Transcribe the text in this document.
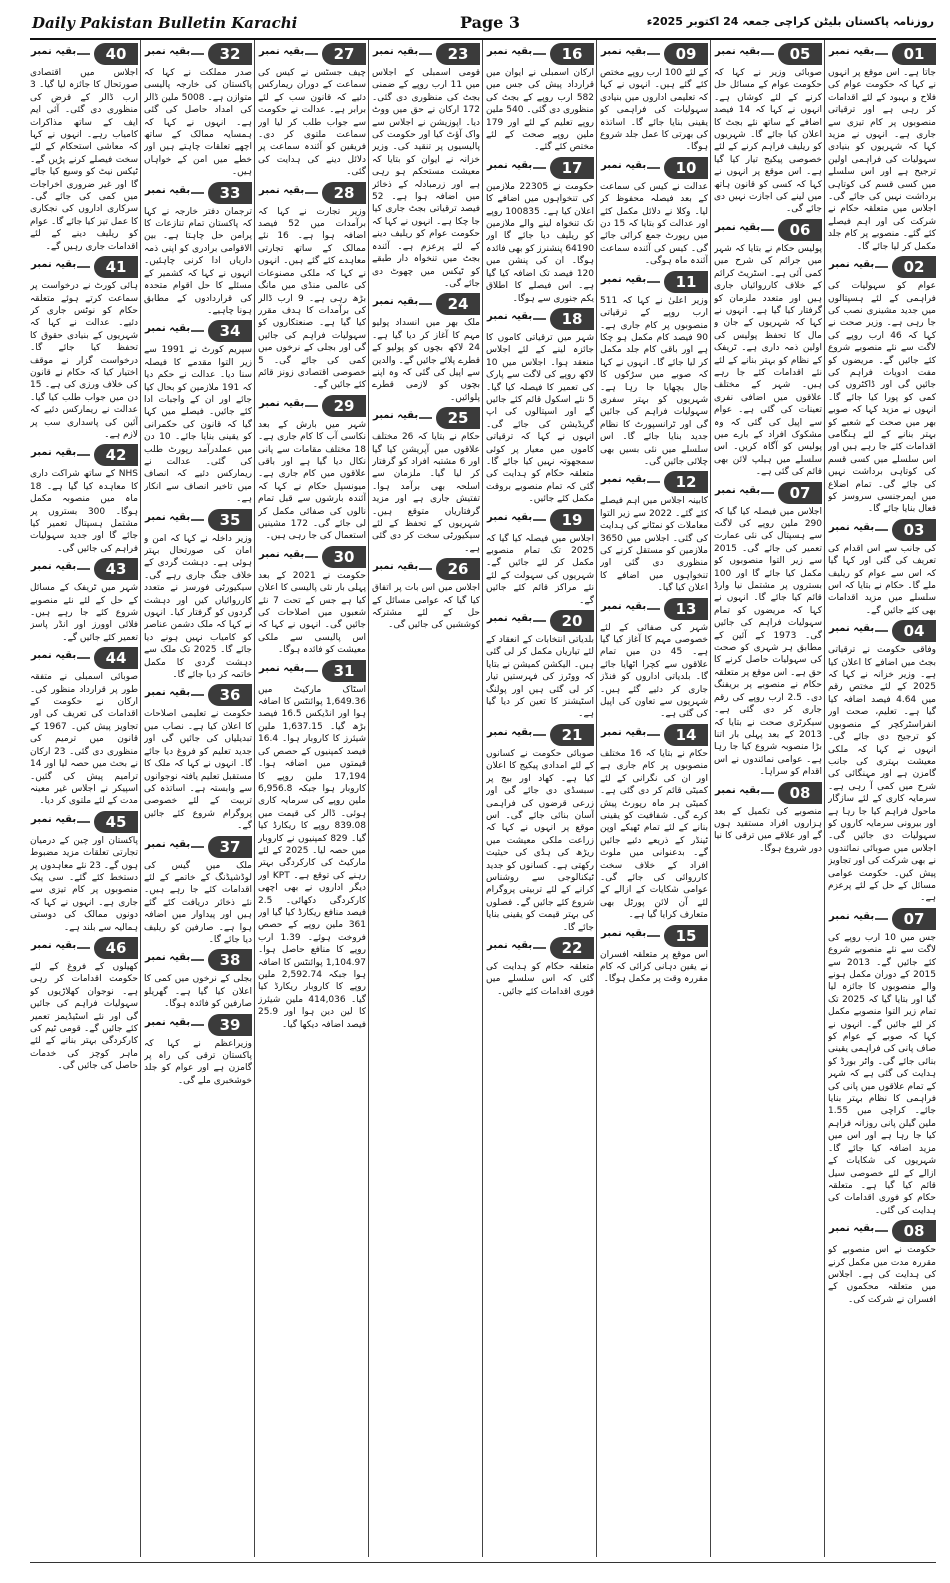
Daily Pakistan Bulletin Karachi	Page 3	روزنامہ پاکستان بلیٹن کراچی جمعہ 24 اکتوبر 2025ء
01
بقیہ نمبر

جاتا ہے۔ اس موقع پر انہوں نے کہا کہ حکومت عوام کی فلاح و بہبود کے لئے اقدامات کر رہی ہے اور ترقیاتی منصوبوں پر کام تیزی سے جاری ہے۔ انہوں نے مزید کہا کہ شہریوں کو بنیادی سہولیات کی فراہمی اولین ترجیح ہے اور اس سلسلے میں کسی قسم کی کوتاہی برداشت نہیں کی جائے گی۔ اجلاس میں متعلقہ حکام نے شرکت کی اور اہم فیصلے کئے گئے۔ منصوبے پر کام جلد مکمل کر لیا جائے گا۔

02
بقیہ نمبر

عوام کو سہولیات کی فراہمی کے لئے ہسپتالوں میں جدید مشینری نصب کی جا رہی ہے۔ وزیر صحت نے کہا کہ 46 ارب روپے کی لاگت سے نئے منصوبے شروع کئے جائیں گے۔ مریضوں کو مفت ادویات فراہم کی جائیں گی اور ڈاکٹروں کی کمی کو پورا کیا جائے گا۔ انہوں نے مزید کہا کہ صوبے بھر میں صحت کے شعبے کو بہتر بنانے کے لئے ہنگامی اقدامات کئے جا رہے ہیں اور اس سلسلے میں کسی قسم کی کوتاہی برداشت نہیں کی جائے گی۔ تمام اضلاع میں ایمرجنسی سروسز کو فعال بنایا جائے گا۔

03
بقیہ نمبر

کی جانب سے اس اقدام کی تعریف کی گئی اور کہا گیا کہ اس سے عوام کو ریلیف ملے گا۔ حکام نے بتایا کہ اس سلسلے میں مزید اقدامات بھی کئے جائیں گے۔

04
بقیہ نمبر

وفاقی حکومت نے ترقیاتی بجٹ میں اضافے کا اعلان کیا ہے۔ وزیر خزانہ نے کہا کہ 2025 کے لئے مختص رقم میں 4.64 فیصد اضافہ کیا گیا ہے۔ تعلیم، صحت اور انفراسٹرکچر کے منصوبوں کو ترجیح دی جائے گی۔ انہوں نے کہا کہ ملکی معیشت بہتری کی جانب گامزن ہے اور مہنگائی کی شرح میں کمی آ رہی ہے۔ سرمایہ کاری کے لئے سازگار ماحول فراہم کیا جا رہا ہے اور بیرونی سرمایہ کاروں کو سہولیات دی جائیں گی۔ اجلاس میں صوبائی نمائندوں نے بھی شرکت کی اور تجاویز پیش کیں۔ حکومت عوامی مسائل کے حل کے لئے پرعزم ہے۔

07
بقیہ نمبر

جس میں 10 ارب روپے کی لاگت سے نئے منصوبے شروع کئے جائیں گے۔ 2013 سے 2015 کے دوران مکمل ہونے والے منصوبوں کا جائزہ لیا گیا اور بتایا گیا کہ 2025 تک تمام زیر التوا منصوبے مکمل کر لئے جائیں گے۔ انہوں نے کہا کہ صوبے کے عوام کو صاف پانی کی فراہمی یقینی بنائی جائے گی۔ واٹر بورڈ کو ہدایت کی گئی ہے کہ شہر کے تمام علاقوں میں پانی کی فراہمی کا نظام بہتر بنایا جائے۔ کراچی میں 1.55 ملین گیلن پانی روزانہ فراہم کیا جا رہا ہے اور اس میں مزید اضافہ کیا جائے گا۔ شہریوں کی شکایات کے ازالے کے لئے خصوصی سیل قائم کیا گیا ہے۔ متعلقہ حکام کو فوری اقدامات کی ہدایت کی گئی۔

08
بقیہ نمبر

حکومت نے اس منصوبے کو مقررہ مدت میں مکمل کرنے کی ہدایت کی ہے۔ اجلاس میں متعلقہ محکموں کے افسران نے شرکت کی۔

05
بقیہ نمبر

صوبائی وزیر نے کہا کہ حکومت عوام کے مسائل حل کرنے کے لئے کوشاں ہے۔ انہوں نے کہا کہ 14 فیصد اضافے کے ساتھ نئے بجٹ کا اعلان کیا جائے گا۔ شہریوں کو ریلیف فراہم کرنے کے لئے خصوصی پیکیج تیار کیا گیا ہے۔ اس موقع پر انہوں نے کہا کہ کسی کو قانون ہاتھ میں لینے کی اجازت نہیں دی جائے گی۔

06
بقیہ نمبر

پولیس حکام نے بتایا کہ شہر میں جرائم کی شرح میں کمی آئی ہے۔ اسٹریٹ کرائم کے خلاف کارروائیاں جاری ہیں اور متعدد ملزمان کو گرفتار کیا گیا ہے۔ انہوں نے کہا کہ شہریوں کے جان و مال کا تحفظ پولیس کی اولین ذمہ داری ہے۔ ٹریفک کے نظام کو بہتر بنانے کے لئے نئے اقدامات کئے جا رہے ہیں۔ شہر کے مختلف علاقوں میں اضافی نفری تعینات کی گئی ہے۔ عوام سے اپیل کی گئی کہ وہ مشکوک افراد کے بارے میں پولیس کو آگاہ کریں۔ اس سلسلے میں ہیلپ لائن بھی قائم کی گئی ہے۔

07
بقیہ نمبر

اجلاس میں فیصلہ کیا گیا کہ 290 ملین روپے کی لاگت سے ہسپتال کی نئی عمارت تعمیر کی جائے گی۔ 2015 سے زیر التوا منصوبوں کو مکمل کیا جائے گا اور 100 بستروں پر مشتمل نیا وارڈ قائم کیا جائے گا۔ انہوں نے کہا کہ مریضوں کو تمام سہولیات فراہم کی جائیں گی۔ 1973 کے آئین کے مطابق ہر شہری کو صحت کی سہولیات حاصل کرنے کا حق ہے۔ اس موقع پر متعلقہ حکام نے منصوبے پر بریفنگ دی۔ 2.5 ارب روپے کی رقم جاری کر دی گئی ہے۔ سیکرٹری صحت نے بتایا کہ 2013 کے بعد پہلی بار اتنا بڑا منصوبہ شروع کیا جا رہا ہے۔ عوامی نمائندوں نے اس اقدام کو سراہا۔

08
بقیہ نمبر

منصوبے کی تکمیل کے بعد ہزاروں افراد مستفید ہوں گے اور علاقے میں ترقی کا نیا دور شروع ہوگا۔

09
بقیہ نمبر

کے لئے 100 ارب روپے مختص کئے گئے ہیں۔ انہوں نے کہا کہ تعلیمی اداروں میں بنیادی سہولیات کی فراہمی کو یقینی بنایا جائے گا۔ اساتذہ کی بھرتی کا عمل جلد شروع ہوگا۔

10
بقیہ نمبر

عدالت نے کیس کی سماعت کے بعد فیصلہ محفوظ کر لیا۔ وکلا نے دلائل مکمل کئے اور عدالت کو بتایا کہ 15 دن میں رپورٹ جمع کرائی جائے گی۔ کیس کی آئندہ سماعت آئندہ ماہ ہوگی۔

11
بقیہ نمبر

وزیر اعلیٰ نے کہا کہ 511 ارب روپے کے ترقیاتی منصوبوں پر کام جاری ہے۔ 90 فیصد کام مکمل ہو چکا ہے اور باقی کام جلد مکمل کر لیا جائے گا۔ انہوں نے کہا کہ صوبے میں سڑکوں کا جال بچھایا جا رہا ہے۔ شہریوں کو بہتر سفری سہولیات فراہم کی جائیں گی اور ٹرانسپورٹ کا نظام جدید بنایا جائے گا۔ اس سلسلے میں نئی بسیں بھی چلائی جائیں گی۔

12
بقیہ نمبر

کابینہ اجلاس میں اہم فیصلے کئے گئے۔ 2022 سے زیر التوا معاملات کو نمٹانے کی ہدایت کی گئی۔ اجلاس میں 3650 ملازمین کو مستقل کرنے کی منظوری دی گئی اور تنخواہوں میں اضافے کا اعلان کیا گیا۔

13
بقیہ نمبر

شہر کی صفائی کے لئے خصوصی مہم کا آغاز کیا گیا ہے۔ 45 دن میں تمام علاقوں سے کچرا اٹھایا جائے گا۔ بلدیاتی اداروں کو فنڈز جاری کر دئیے گئے ہیں۔ شہریوں سے تعاون کی اپیل کی گئی ہے۔

14
بقیہ نمبر

حکام نے بتایا کہ 16 مختلف منصوبوں پر کام جاری ہے اور ان کی نگرانی کے لئے کمیٹی قائم کر دی گئی ہے۔ کمیٹی ہر ماہ رپورٹ پیش کرے گی۔ شفافیت کو یقینی بنانے کے لئے تمام ٹھیکے اوپن ٹینڈر کے ذریعے دئیے جائیں گے۔ بدعنوانی میں ملوث افراد کے خلاف سخت کارروائی کی جائے گی۔ عوامی شکایات کے ازالے کے لئے آن لائن پورٹل بھی متعارف کرایا گیا ہے۔

15
بقیہ نمبر

اس موقع پر متعلقہ افسران نے یقین دہانی کرائی کہ کام مقررہ وقت پر مکمل ہوگا۔

16
بقیہ نمبر

ارکان اسمبلی نے ایوان میں قرارداد پیش کی جس میں 582 ارب روپے کے بجٹ کی منظوری دی گئی۔ 540 ملین روپے تعلیم کے لئے اور 179 ملین روپے صحت کے لئے مختص کئے گئے۔

17
بقیہ نمبر

حکومت نے 22305 ملازمین کی تنخواہوں میں اضافے کا اعلان کیا ہے۔ 100835 روپے تک تنخواہ لینے والے ملازمین کو ریلیف دیا جائے گا اور 64190 پنشنرز کو بھی فائدہ ہوگا۔ ان کی پنشن میں 120 فیصد تک اضافہ کیا گیا ہے۔ اس فیصلے کا اطلاق یکم جنوری سے ہوگا۔

18
بقیہ نمبر

شہر میں ترقیاتی کاموں کا جائزہ لینے کے لئے اجلاس منعقد ہوا۔ اجلاس میں 10 لاکھ روپے کی لاگت سے پارک کی تعمیر کا فیصلہ کیا گیا۔ 5 نئے اسکول قائم کئے جائیں گے اور اسپتالوں کی اپ گریڈیشن کی جائے گی۔ انہوں نے کہا کہ ترقیاتی کاموں میں معیار پر کوئی سمجھوتہ نہیں کیا جائے گا۔ متعلقہ حکام کو ہدایت کی گئی کہ تمام منصوبے بروقت مکمل کئے جائیں۔

19
بقیہ نمبر

اجلاس میں فیصلہ کیا گیا کہ 2025 تک تمام منصوبے مکمل کر لئے جائیں گے۔ شہریوں کی سہولت کے لئے نئے مراکز قائم کئے جائیں گے۔

20
بقیہ نمبر

بلدیاتی انتخابات کے انعقاد کے لئے تیاریاں مکمل کر لی گئی ہیں۔ الیکشن کمیشن نے بتایا کہ ووٹرز کی فہرستیں تیار کر لی گئی ہیں اور پولنگ اسٹیشنز کا تعین کر دیا گیا ہے۔

21
بقیہ نمبر

صوبائی حکومت نے کسانوں کے لئے امدادی پیکیج کا اعلان کیا ہے۔ کھاد اور بیج پر سبسڈی دی جائے گی اور زرعی قرضوں کی فراہمی آسان بنائی جائے گی۔ اس موقع پر انہوں نے کہا کہ زراعت ملکی معیشت میں ریڑھ کی ہڈی کی حیثیت رکھتی ہے۔ کسانوں کو جدید ٹیکنالوجی سے روشناس کرانے کے لئے تربیتی پروگرام شروع کئے جائیں گے۔ فصلوں کی بہتر قیمت کو یقینی بنایا جائے گا۔

22
بقیہ نمبر

متعلقہ حکام کو ہدایت کی گئی کہ اس سلسلے میں فوری اقدامات کئے جائیں۔

23
بقیہ نمبر

قومی اسمبلی کے اجلاس میں 11 ارب روپے کے ضمنی بجٹ کی منظوری دی گئی۔ 172 ارکان نے حق میں ووٹ دیا۔ اپوزیشن نے اجلاس سے واک آؤٹ کیا اور حکومت کی پالیسیوں پر تنقید کی۔ وزیر خزانہ نے ایوان کو بتایا کہ معیشت مستحکم ہو رہی ہے اور زرمبادلہ کے ذخائر میں اضافہ ہوا ہے۔ 52 فیصد ترقیاتی بجٹ جاری کیا جا چکا ہے۔ انہوں نے کہا کہ حکومت عوام کو ریلیف دینے کے لئے پرعزم ہے۔ آئندہ بجٹ میں تنخواہ دار طبقے کو ٹیکس میں چھوٹ دی جائے گی۔

24
بقیہ نمبر

ملک بھر میں انسداد پولیو مہم کا آغاز کر دیا گیا ہے۔ 24 لاکھ بچوں کو پولیو کے قطرے پلائے جائیں گے۔ والدین سے اپیل کی گئی کہ وہ اپنے بچوں کو لازمی قطرے پلوائیں۔

25
بقیہ نمبر

حکام نے بتایا کہ 26 مختلف علاقوں میں آپریشن کیا گیا اور 6 مشتبہ افراد کو گرفتار کر لیا گیا۔ ملزمان سے اسلحہ بھی برآمد ہوا۔ تفتیش جاری ہے اور مزید گرفتاریاں متوقع ہیں۔ شہریوں کے تحفظ کے لئے سیکیورٹی سخت کر دی گئی ہے۔

26
بقیہ نمبر

اجلاس میں اس بات پر اتفاق کیا گیا کہ عوامی مسائل کے حل کے لئے مشترکہ کوششیں کی جائیں گی۔

27
بقیہ نمبر

چیف جسٹس نے کیس کی سماعت کے دوران ریمارکس دئیے کہ قانون سب کے لئے برابر ہے۔ عدالت نے حکومت سے جواب طلب کر لیا اور سماعت ملتوی کر دی۔ فریقین کو آئندہ سماعت پر دلائل دینے کی ہدایت کی گئی۔

28
بقیہ نمبر

وزیر تجارت نے کہا کہ برآمدات میں 52 فیصد اضافہ ہوا ہے۔ 16 نئے ممالک کے ساتھ تجارتی معاہدے کئے گئے ہیں۔ انہوں نے کہا کہ ملکی مصنوعات کی عالمی منڈی میں مانگ بڑھ رہی ہے۔ 9 ارب ڈالر کی برآمدات کا ہدف مقرر کیا گیا ہے۔ صنعتکاروں کو سہولیات فراہم کی جائیں گی اور بجلی کے نرخوں میں کمی کی جائے گی۔ 5 خصوصی اقتصادی زونز قائم کئے جائیں گے۔

29
بقیہ نمبر

شہر میں بارش کے بعد نکاسی آب کا کام جاری ہے۔ 18 مختلف مقامات سے پانی نکال دیا گیا ہے اور باقی علاقوں میں کام جاری ہے۔ میونسپل حکام نے کہا کہ آئندہ بارشوں سے قبل تمام نالوں کی صفائی مکمل کر لی جائے گی۔ 172 مشینیں استعمال کی جا رہی ہیں۔

30
بقیہ نمبر

حکومت نے 2021 کے بعد پہلی بار نئی پالیسی کا اعلان کیا ہے جس کے تحت 7 نئے شعبوں میں اصلاحات کی جائیں گی۔ انہوں نے کہا کہ اس پالیسی سے ملکی معیشت کو فائدہ ہوگا۔

31
بقیہ نمبر

اسٹاک مارکیٹ میں 1,649.36 پوائنٹس کا اضافہ ہوا اور انڈیکس 16.5 فیصد بڑھ گیا۔ 1,637.15 ملین شیئرز کا کاروبار ہوا۔ 16.4 فیصد کمپنیوں کے حصص کی قیمتوں میں اضافہ ہوا۔ 17,194 ملین روپے کا کاروبار ہوا جبکہ 6,956.8 ملین روپے کی سرمایہ کاری ہوئی۔ ڈالر کی قیمت میں 839.08 روپے کا ریکارڈ کیا گیا۔ 829 کمپنیوں نے کاروبار میں حصہ لیا۔ 2025 کے لئے مارکیٹ کی کارکردگی بہتر رہنے کی توقع ہے۔ KPT اور دیگر اداروں نے بھی اچھی کارکردگی دکھائی۔ 2.5 فیصد منافع ریکارڈ کیا گیا اور 361 ملین روپے کے حصص فروخت ہوئے۔ 1.39 ارب روپے کا منافع حاصل ہوا۔ 1,104.97 پوائنٹس کا اضافہ ہوا جبکہ 2,592.74 ملین روپے کا کاروبار ریکارڈ کیا گیا۔ 414,036 ملین شیئرز کا لین دین ہوا اور 25.9 فیصد اضافہ دیکھا گیا۔

32
بقیہ نمبر

صدر مملکت نے کہا کہ پاکستان کی خارجہ پالیسی متوازن ہے۔ 5008 ملین ڈالر کی امداد حاصل کی گئی ہے۔ انہوں نے کہا کہ ہمسایہ ممالک کے ساتھ اچھے تعلقات چاہتے ہیں اور خطے میں امن کے خواہاں ہیں۔

33
بقیہ نمبر

ترجمان دفتر خارجہ نے کہا کہ پاکستان تمام تنازعات کا پرامن حل چاہتا ہے۔ بین الاقوامی برادری کو اپنی ذمہ داریاں ادا کرنی چاہئیں۔ انہوں نے کہا کہ کشمیر کے مسئلے کا حل اقوام متحدہ کی قراردادوں کے مطابق ہونا چاہیے۔

34
بقیہ نمبر

سپریم کورٹ نے 1991 سے زیر التوا مقدمے کا فیصلہ سنا دیا۔ عدالت نے حکم دیا کہ 191 ملازمین کو بحال کیا جائے اور ان کے واجبات ادا کئے جائیں۔ فیصلے میں کہا گیا کہ قانون کی حکمرانی کو یقینی بنایا جائے۔ 10 دن میں عملدرآمد رپورٹ طلب کی گئی۔ عدالت نے ریمارکس دئیے کہ انصاف میں تاخیر انصاف سے انکار ہے۔

35
بقیہ نمبر

وزیر داخلہ نے کہا کہ امن و امان کی صورتحال بہتر ہوئی ہے۔ دہشت گردی کے خلاف جنگ جاری رہے گی۔ سیکیورٹی فورسز نے متعدد کارروائیاں کیں اور دہشت گردوں کو گرفتار کیا۔ انہوں نے کہا کہ ملک دشمن عناصر کو کامیاب نہیں ہونے دیا جائے گا۔ 2025 تک ملک سے دہشت گردی کا مکمل خاتمہ کر دیا جائے گا۔

36
بقیہ نمبر

حکومت نے تعلیمی اصلاحات کا اعلان کیا ہے۔ نصاب میں تبدیلیاں کی جائیں گی اور جدید تعلیم کو فروغ دیا جائے گا۔ انہوں نے کہا کہ ملک کا مستقبل تعلیم یافتہ نوجوانوں سے وابستہ ہے۔ اساتذہ کی تربیت کے لئے خصوصی پروگرام شروع کئے جائیں گے۔

37
بقیہ نمبر

ملک میں گیس کی لوڈشیڈنگ کے خاتمے کے لئے اقدامات کئے جا رہے ہیں۔ نئے ذخائر دریافت کئے گئے ہیں اور پیداوار میں اضافہ ہوا ہے۔ صارفین کو ریلیف دیا جائے گا۔

38
بقیہ نمبر

بجلی کے نرخوں میں کمی کا اعلان کیا گیا ہے۔ گھریلو صارفین کو فائدہ ہوگا۔

39
بقیہ نمبر

وزیراعظم نے کہا کہ پاکستان ترقی کی راہ پر گامزن ہے اور عوام کو جلد خوشخبری ملے گی۔

40
بقیہ نمبر

اجلاس میں اقتصادی صورتحال کا جائزہ لیا گیا۔ 3 ارب ڈالر کے قرض کی منظوری دی گئی۔ آئی ایم ایف کے ساتھ مذاکرات کامیاب رہے۔ انہوں نے کہا کہ معاشی استحکام کے لئے سخت فیصلے کرنے پڑیں گے۔ ٹیکس نیٹ کو وسیع کیا جائے گا اور غیر ضروری اخراجات میں کمی کی جائے گی۔ سرکاری اداروں کی نجکاری کا عمل تیز کیا جائے گا۔ عوام کو ریلیف دینے کے لئے اقدامات جاری رہیں گے۔

41
بقیہ نمبر

ہائی کورٹ نے درخواست پر سماعت کرتے ہوئے متعلقہ حکام کو نوٹس جاری کر دئیے۔ عدالت نے کہا کہ شہریوں کے بنیادی حقوق کا تحفظ کیا جائے گا۔ درخواست گزار نے موقف اختیار کیا کہ حکام نے قانون کی خلاف ورزی کی ہے۔ 15 دن میں جواب طلب کیا گیا۔ عدالت نے ریمارکس دئیے کہ آئین کی پاسداری سب پر لازم ہے۔

42
بقیہ نمبر

NHS کے ساتھ شراکت داری کا معاہدہ کیا گیا ہے۔ 18 ماہ میں منصوبہ مکمل ہوگا۔ 300 بستروں پر مشتمل ہسپتال تعمیر کیا جائے گا اور جدید سہولیات فراہم کی جائیں گی۔

43
بقیہ نمبر

شہر میں ٹریفک کے مسائل کے حل کے لئے نئے منصوبے شروع کئے جا رہے ہیں۔ فلائی اوورز اور انڈر پاسز تعمیر کئے جائیں گے۔

44
بقیہ نمبر

صوبائی اسمبلی نے متفقہ طور پر قرارداد منظور کی۔ ارکان نے حکومت کے اقدامات کی تعریف کی اور تجاویز پیش کیں۔ 1967 کے قانون میں ترمیم کی منظوری دی گئی۔ 23 ارکان نے بحث میں حصہ لیا اور 14 ترامیم پیش کی گئیں۔ اسپیکر نے اجلاس غیر معینہ مدت کے لئے ملتوی کر دیا۔

45
بقیہ نمبر

پاکستان اور چین کے درمیان تجارتی تعلقات مزید مضبوط ہوں گے۔ 23 نئے معاہدوں پر دستخط کئے گئے۔ سی پیک منصوبوں پر کام تیزی سے جاری ہے۔ انہوں نے کہا کہ دونوں ممالک کی دوستی ہمالیہ سے بلند ہے۔

46
بقیہ نمبر

کھیلوں کے فروغ کے لئے حکومت اقدامات کر رہی ہے۔ نوجوان کھلاڑیوں کو سہولیات فراہم کی جائیں گی اور نئے اسٹیڈیمز تعمیر کئے جائیں گے۔ قومی ٹیم کی کارکردگی بہتر بنانے کے لئے ماہر کوچز کی خدمات حاصل کی جائیں گی۔
